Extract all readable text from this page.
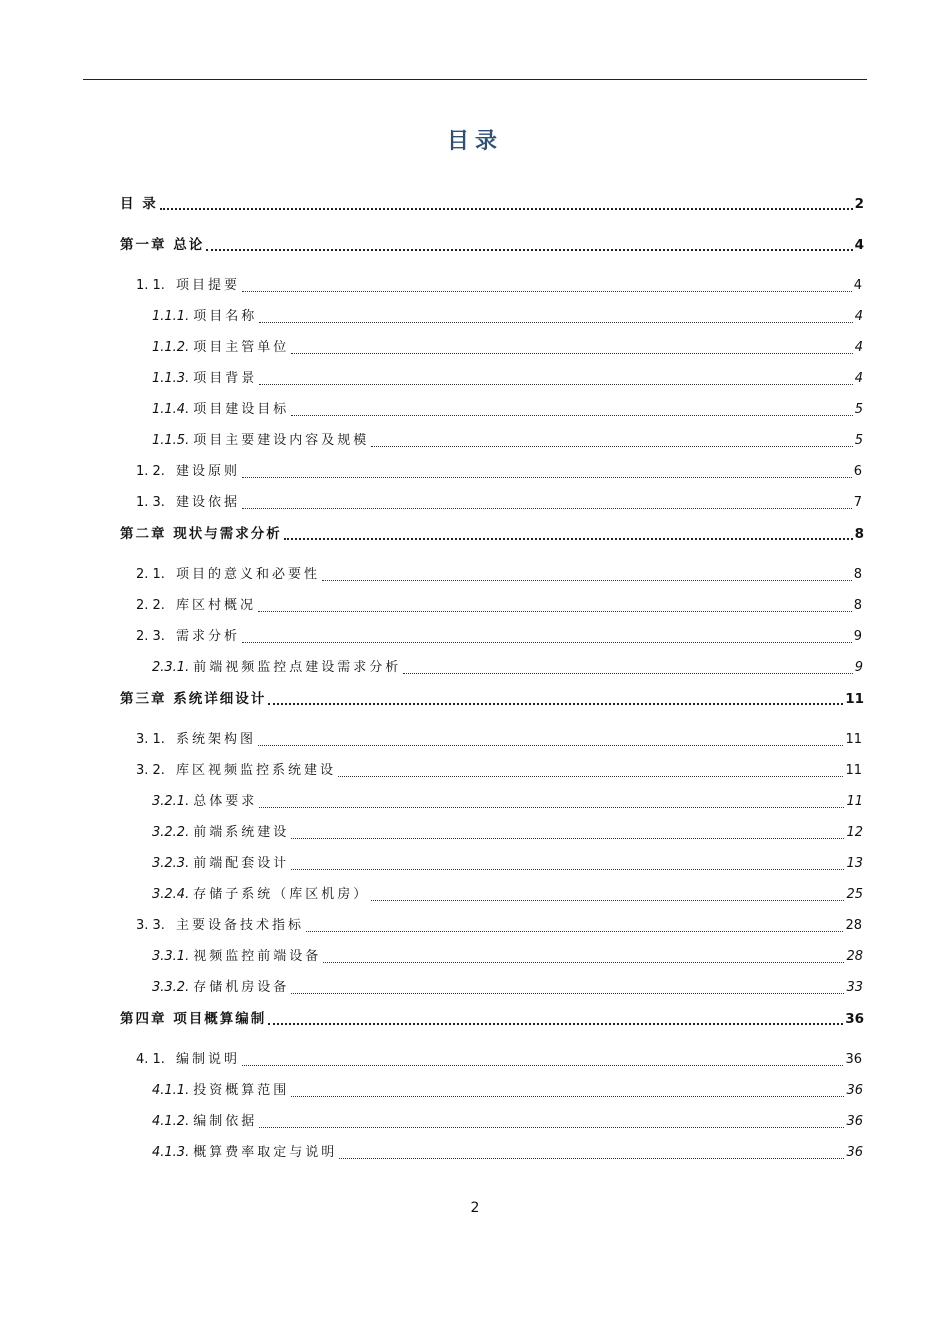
目录
目 录	2
第一章 总论	4
1. 1. 项目提要	4
1.1.1. 项目名称	4
1.1.2. 项目主管单位	4
1.1.3. 项目背景	4
1.1.4. 项目建设目标	5
1.1.5. 项目主要建设内容及规模	5
1. 2. 建设原则	6
1. 3. 建设依据	7
第二章 现状与需求分析	8
2. 1. 项目的意义和必要性	8
2. 2. 库区村概况	8
2. 3. 需求分析	9
2.3.1. 前端视频监控点建设需求分析	9
第三章 系统详细设计	11
3. 1. 系统架构图	11
3. 2. 库区视频监控系统建设	11
3.2.1. 总体要求	11
3.2.2. 前端系统建设	12
3.2.3. 前端配套设计	13
3.2.4. 存储子系统（库区机房）	25
3. 3. 主要设备技术指标	28
3.3.1. 视频监控前端设备	28
3.3.2. 存储机房设备	33
第四章 项目概算编制	36
4. 1. 编制说明	36
4.1.1. 投资概算范围	36
4.1.2. 编制依据	36
4.1.3. 概算费率取定与说明	36
2
